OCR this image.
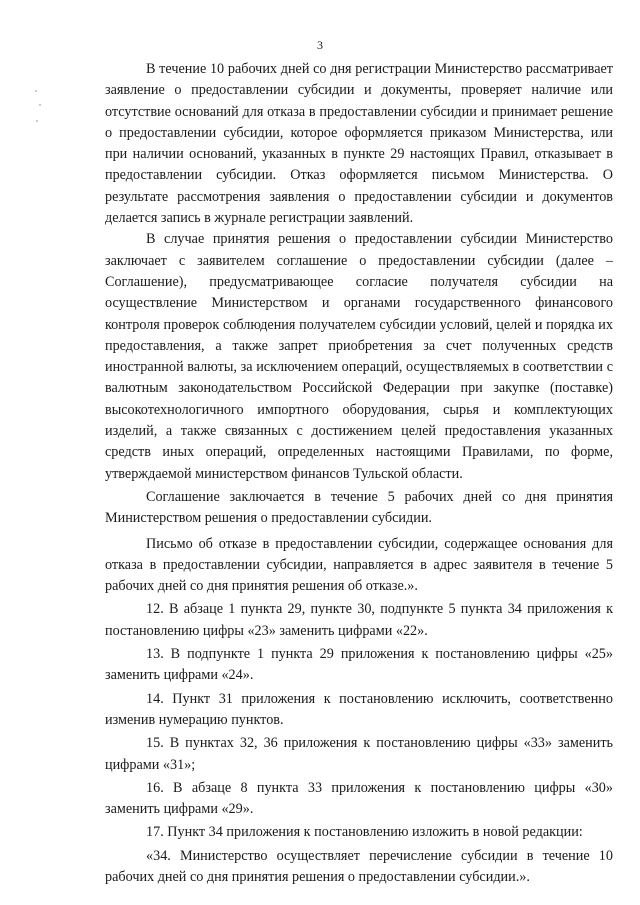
3

В течение 10 рабочих дней со дня регистрации Министерство рассматривает заявление о предоставлении субсидии и документы, проверяет наличие или отсутствие оснований для отказа в предоставлении субсидии и принимает решение о предоставлении субсидии, которое оформляется приказом Министерства, или при наличии оснований, указанных в пункте 29 настоящих Правил, отказывает в предоставлении субсидии. Отказ оформляется письмом Министерства. О результате рассмотрения заявления о предоставлении субсидии и документов делается запись в журнале регистрации заявлений.

В случае принятия решения о предоставлении субсидии Министерство заключает с заявителем соглашение о предоставлении субсидии (далее – Соглашение), предусматривающее согласие получателя субсидии на осуществление Министерством и органами государственного финансового контроля проверок соблюдения получателем субсидии условий, целей и порядка их предоставления, а также запрет приобретения за счет полученных средств иностранной валюты, за исключением операций, осуществляемых в соответствии с валютным законодательством Российской Федерации при закупке (поставке) высокотехнологичного импортного оборудования, сырья и комплектующих изделий, а также связанных с достижением целей предоставления указанных средств иных операций, определенных настоящими Правилами, по форме, утверждаемой министерством финансов Тульской области.

Соглашение заключается в течение 5 рабочих дней со дня принятия Министерством решения о предоставлении субсидии.

Письмо об отказе в предоставлении субсидии, содержащее основания для отказа в предоставлении субсидии, направляется в адрес заявителя в течение 5 рабочих дней со дня принятия решения об отказе.».

12. В абзаце 1 пункта 29, пункте 30, подпункте 5 пункта 34 приложения к постановлению цифры «23» заменить цифрами «22».

13. В подпункте 1 пункта 29 приложения к постановлению цифры «25» заменить цифрами «24».

14. Пункт 31 приложения к постановлению исключить, соответственно изменив нумерацию пунктов.

15. В пунктах 32, 36 приложения к постановлению цифры «33» заменить цифрами «31»;

16. В абзаце 8 пункта 33 приложения к постановлению цифры «30» заменить цифрами «29».

17. Пункт 34 приложения к постановлению изложить в новой редакции:

«34. Министерство осуществляет перечисление субсидии в течение 10 рабочих дней со дня принятия решения о предоставлении субсидии.».
